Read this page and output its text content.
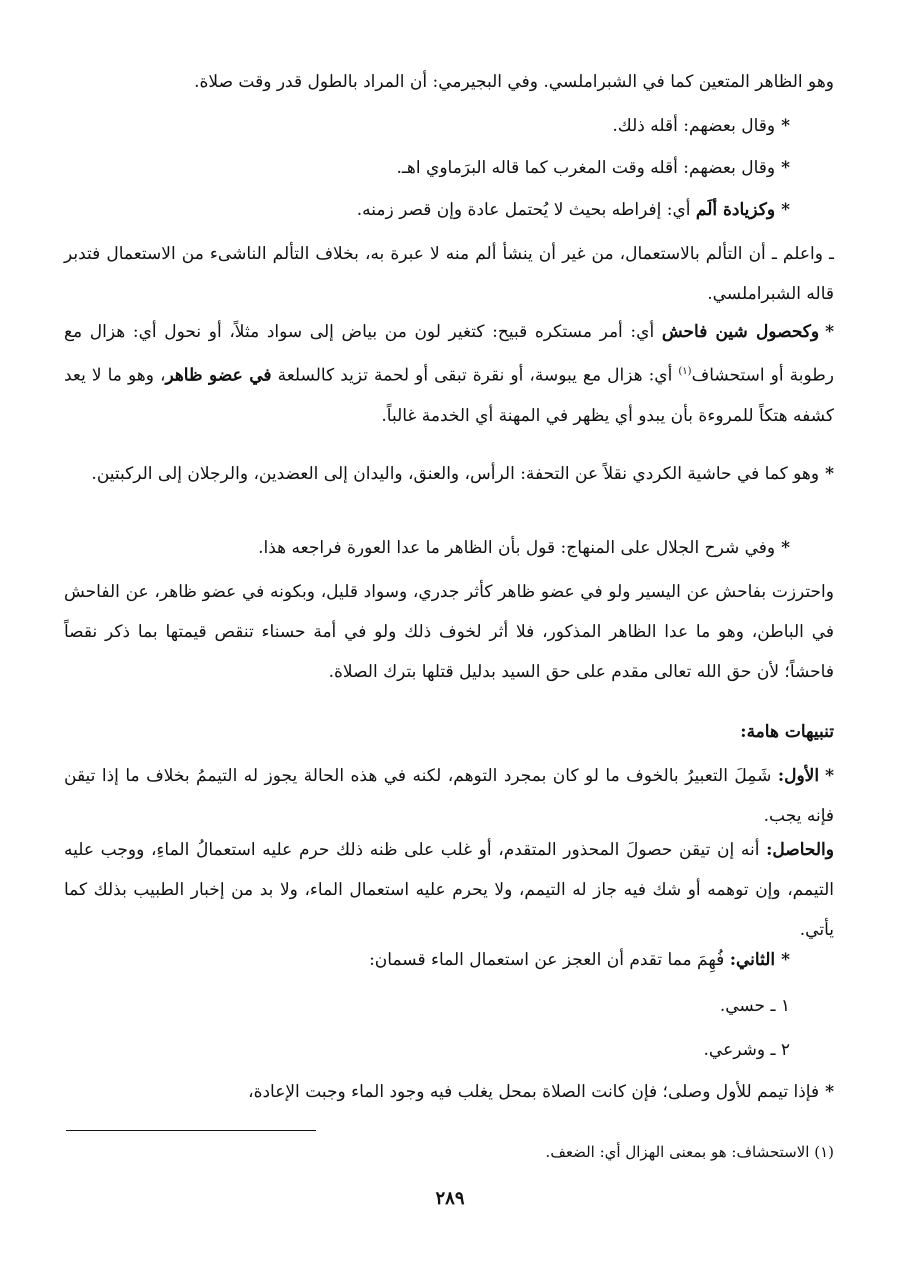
وهو الظاهر المتعين كما في الشبراملسي. وفي البجيرمي: أن المراد بالطول قدر وقت صلاة.

*وقال بعضهم: أقله ذلك.

*وقال بعضهم: أقله وقت المغرب كما قاله البرَماوي اهـ.

*وكزيادة ألَم أي: إفراطه بحيث لا يُحتمل عادة وإن قصر زمنه.

ـ واعلم ـ أن التألم بالاستعمال، من غير أن ينشأ ألم منه لا عبرة به، بخلاف التألم الناشىء من الاستعمال فتدبر قاله الشبراملسي.

*وكحصول شين فاحش أي: أمر مستكره قبيح: كتغير لون من بياض إلى سواد مثلاً، أو نحول أي: هزال مع رطوبة أو استحشاف$^{(١)}$ أي: هزال مع يبوسة، أو نقرة تبقى أو لحمة تزيد كالسلعة في عضو ظاهر، وهو ما لا يعد كشفه هتكاً للمروءة بأن يبدو أي يظهر في المهنة أي الخدمة غالباً.

*وهو كما في حاشية الكردي نقلاً عن التحفة: الرأس، والعنق، واليدان إلى العضدين، والرجلان إلى الركبتين.

*وفي شرح الجلال على المنهاج: قول بأن الظاهر ما عدا العورة فراجعه هذا.

واحترزت بفاحش عن اليسير ولو في عضو ظاهر كأثر جدري، وسواد قليل، وبكونه في عضو ظاهر، عن الفاحش في الباطن، وهو ما عدا الظاهر المذكور، فلا أثر لخوف ذلك ولو في أمة حسناء تنقص قيمتها بما ذكر نقصاً فاحشاً؛ لأن حق الله تعالى مقدم على حق السيد بدليل قتلها بترك الصلاة.

تنبيهات هامة:

*الأول: شَمِلَ التعبيرُ بالخوف ما لو كان بمجرد التوهم، لكنه في هذه الحالة يجوز له التيممُ بخلاف ما إذا تيقن فإنه يجب.

والحاصل: أنه إن تيقن حصولَ المحذور المتقدم، أو غلب على ظنه ذلك حرم عليه استعمالُ الماءِ، ووجب عليه التيمم، وإن توهمه أو شك فيه جاز له التيمم، ولا يحرم عليه استعمال الماء، ولا بد من إخبار الطبيب بذلك كما يأتي.

*الثاني: فُهِمَ مما تقدم أن العجز عن استعمال الماء قسمان:

١ ـ حسي.

٢ ـ وشرعي.

*فإذا تيمم للأول وصلى؛ فإن كانت الصلاة بمحل يغلب فيه وجود الماء وجبت الإعادة،

(١) الاستحشاف: هو بمعنى الهزال أي: الضعف.

٢٨٩
